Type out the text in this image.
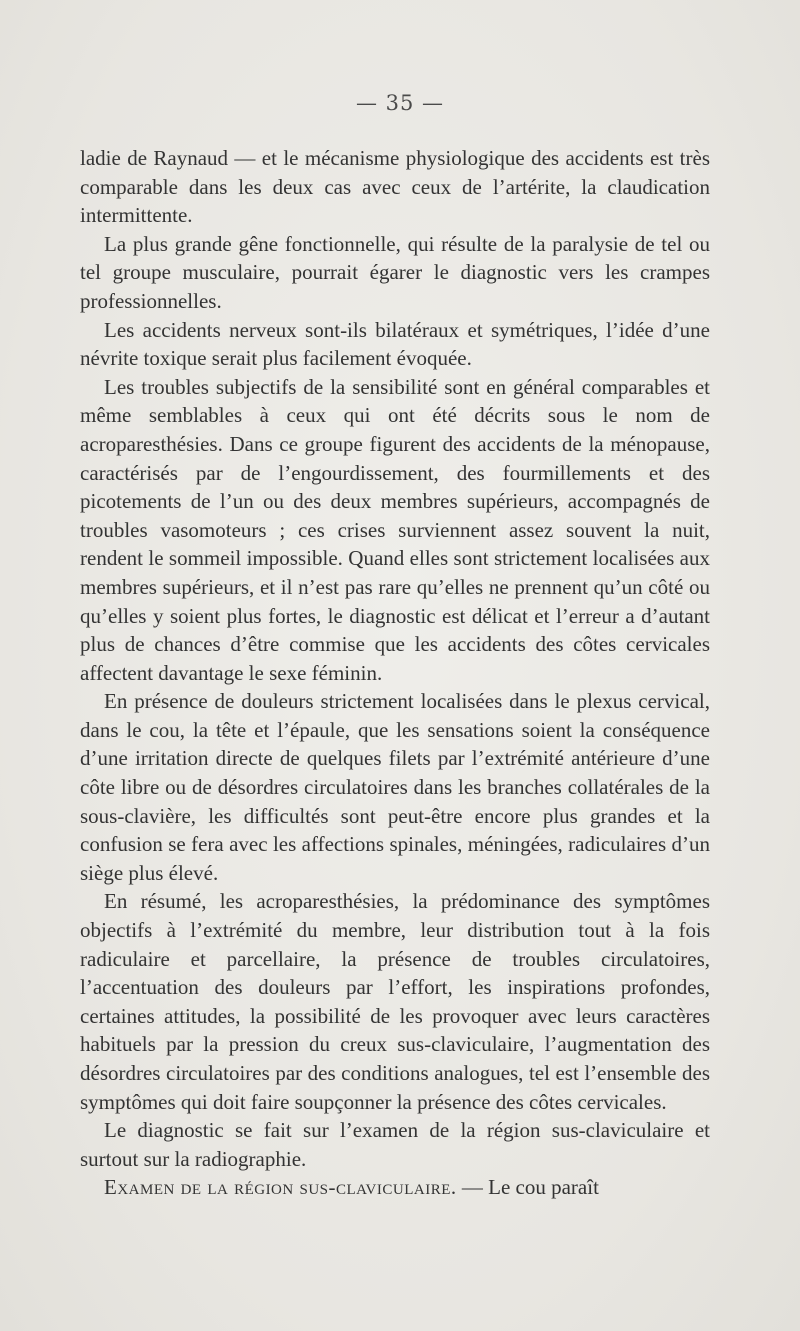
— 35 —

ladie de Raynaud — et le mécanisme physiologique des accidents est très comparable dans les deux cas avec ceux de l’artérite, la claudication intermittente.

La plus grande gêne fonctionnelle, qui résulte de la paralysie de tel ou tel groupe musculaire, pourrait égarer le diagnostic vers les crampes professionnelles.

Les accidents nerveux sont-ils bilatéraux et symétriques, l’idée d’une névrite toxique serait plus facilement évoquée.

Les troubles subjectifs de la sensibilité sont en général comparables et même semblables à ceux qui ont été décrits sous le nom de acroparesthésies. Dans ce groupe figurent des accidents de la ménopause, caractérisés par de l’engourdissement, des fourmillements et des picotements de l’un ou des deux membres supérieurs, accompagnés de troubles vasomoteurs ; ces crises surviennent assez souvent la nuit, rendent le sommeil impossible. Quand elles sont strictement localisées aux membres supérieurs, et il n’est pas rare qu’elles ne prennent qu’un côté ou qu’elles y soient plus fortes, le diagnostic est délicat et l’erreur a d’autant plus de chances d’être commise que les accidents des côtes cervicales affectent davantage le sexe féminin.

En présence de douleurs strictement localisées dans le plexus cervical, dans le cou, la tête et l’épaule, que les sensations soient la conséquence d’une irritation directe de quelques filets par l’extrémité antérieure d’une côte libre ou de désordres circulatoires dans les branches collatérales de la sous-clavière, les difficultés sont peut-être encore plus grandes et la confusion se fera avec les affections spinales, méningées, radiculaires d’un siège plus élevé.

En résumé, les acroparesthésies, la prédominance des symptômes objectifs à l’extrémité du membre, leur distribution tout à la fois radiculaire et parcellaire, la présence de troubles circulatoires, l’accentuation des douleurs par l’effort, les inspirations profondes, certaines attitudes, la possibilité de les provoquer avec leurs caractères habituels par la pression du creux sus-claviculaire, l’augmentation des désordres circulatoires par des conditions analogues, tel est l’ensemble des symptômes qui doit faire soupçonner la présence des côtes cervicales.

Le diagnostic se fait sur l’examen de la région sus-claviculaire et surtout sur la radiographie.

Examen de la région sus-claviculaire. — Le cou paraît
